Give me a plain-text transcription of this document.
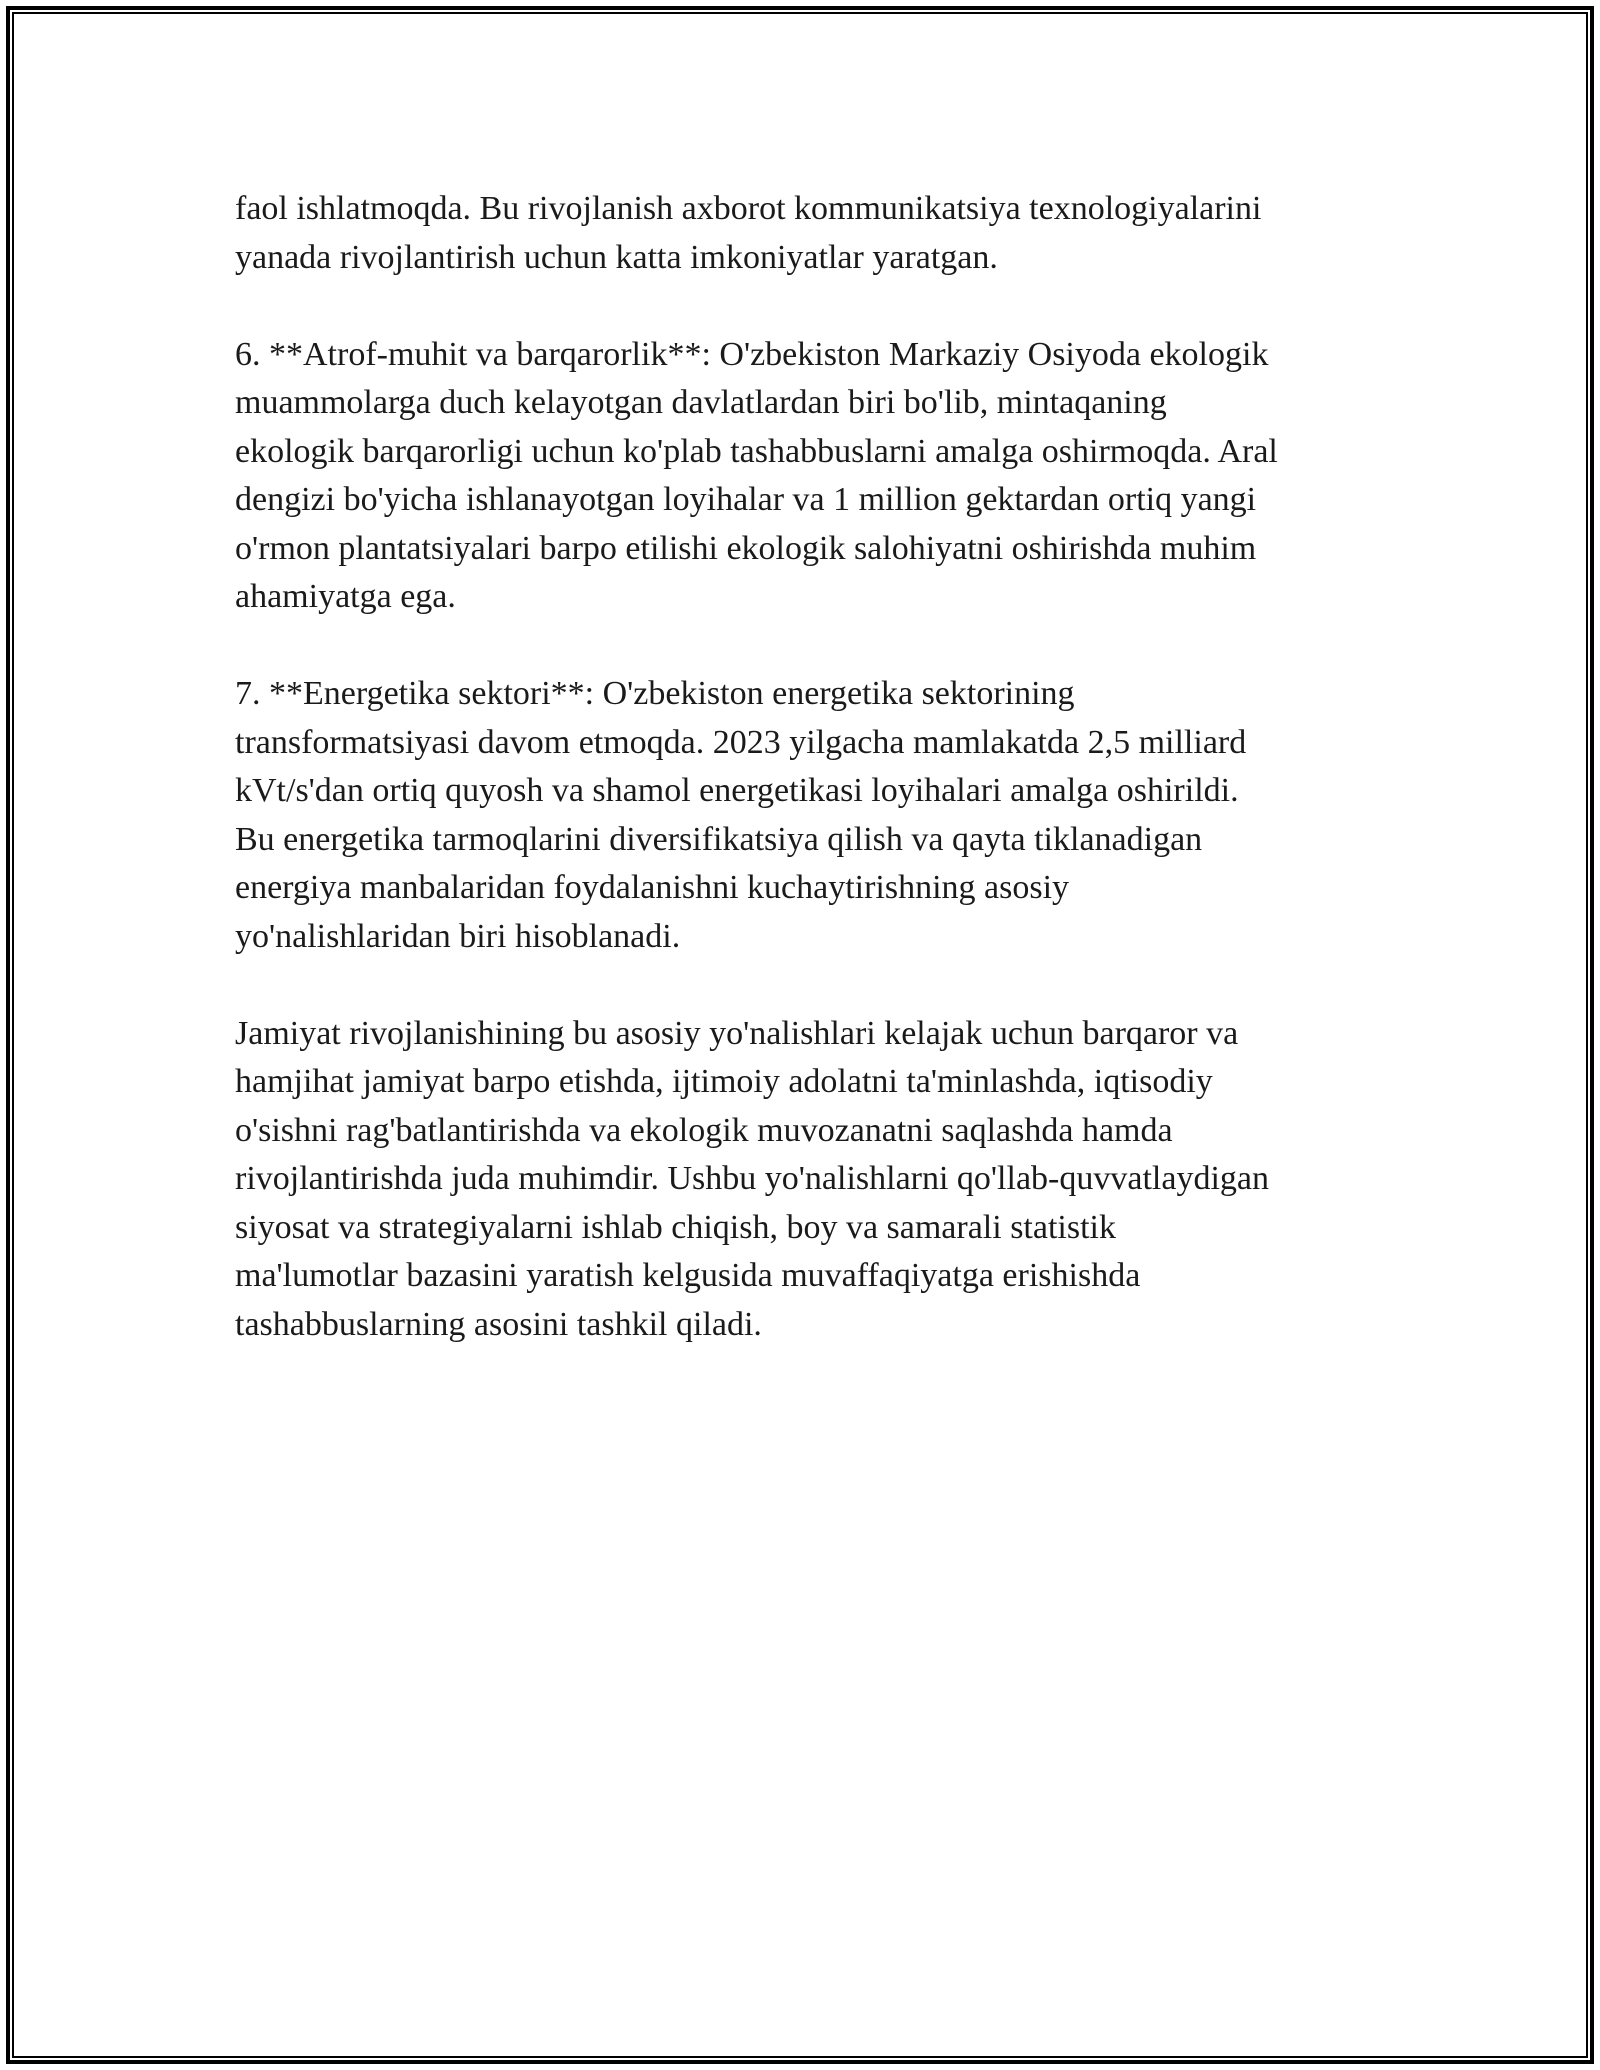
faol ishlatmoqda. Bu rivojlanish axborot kommunikatsiya texnologiyalarini
yanada rivojlantirish uchun katta imkoniyatlar yaratgan.

6. **Atrof-muhit va barqarorlik**: O'zbekiston Markaziy Osiyoda ekologik
muammolarga duch kelayotgan davlatlardan biri bo'lib, mintaqaning
ekologik barqarorligi uchun ko'plab tashabbuslarni amalga oshirmoqda. Aral
dengizi bo'yicha ishlanayotgan loyihalar va 1 million gektardan ortiq yangi
o'rmon plantatsiyalari barpo etilishi ekologik salohiyatni oshirishda muhim
ahamiyatga ega.

7. **Energetika sektori**: O'zbekiston energetika sektorining
transformatsiyasi davom etmoqda. 2023 yilgacha mamlakatda 2,5 milliard
kVt/s'dan ortiq quyosh va shamol energetikasi loyihalari amalga oshirildi.
Bu energetika tarmoqlarini diversifikatsiya qilish va qayta tiklanadigan
energiya manbalaridan foydalanishni kuchaytirishning asosiy
yo'nalishlaridan biri hisoblanadi.

Jamiyat rivojlanishining bu asosiy yo'nalishlari kelajak uchun barqaror va
hamjihat jamiyat barpo etishda, ijtimoiy adolatni ta'minlashda, iqtisodiy
o'sishni rag'batlantirishda va ekologik muvozanatni saqlashda hamda
rivojlantirishda juda muhimdir. Ushbu yo'nalishlarni qo'llab-quvvatlaydigan
siyosat va strategiyalarni ishlab chiqish, boy va samarali statistik
ma'lumotlar bazasini yaratish kelgusida muvaffaqiyatga erishishda
tashabbuslarning asosini tashkil qiladi.
